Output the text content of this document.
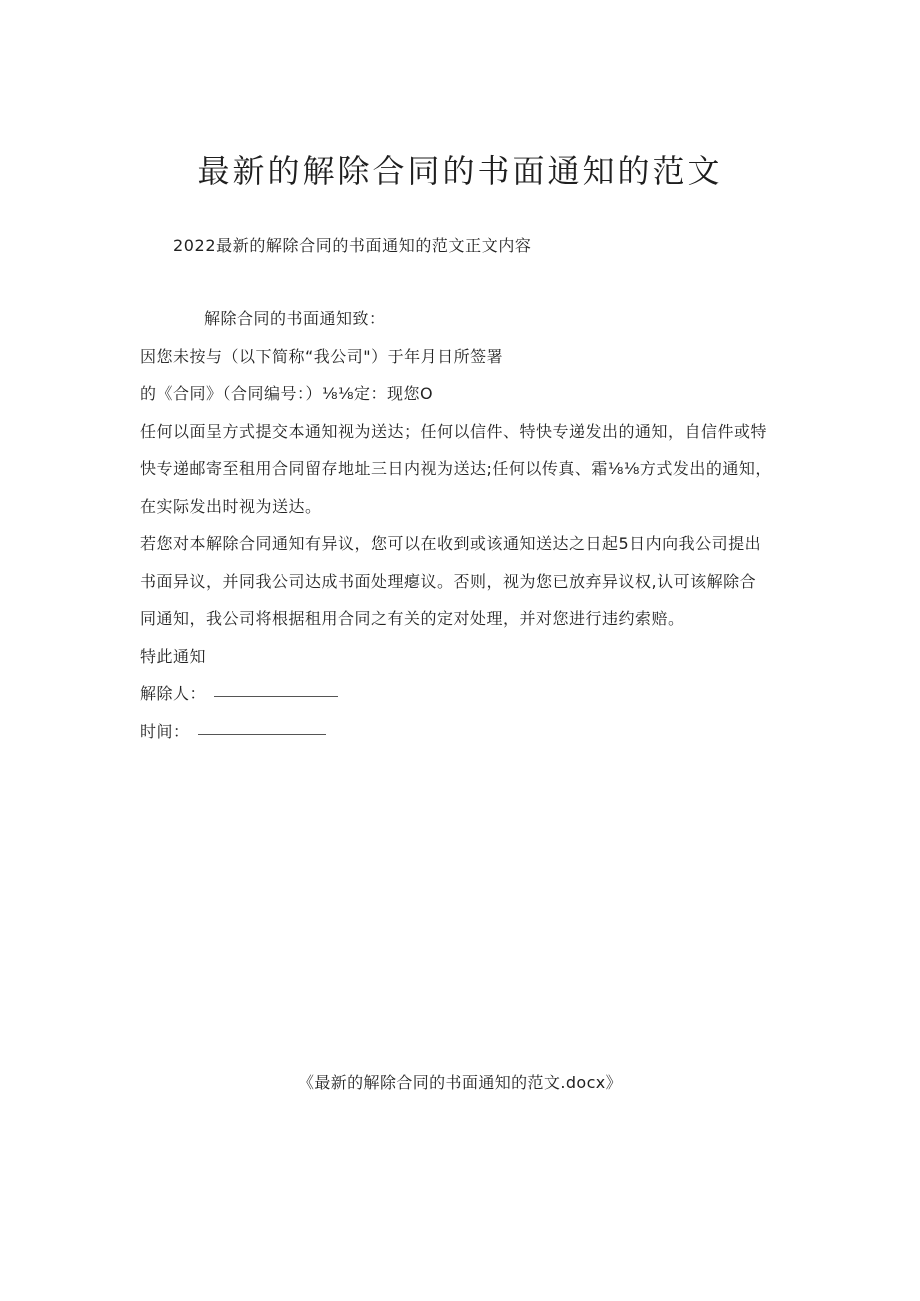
最新的解除合同的书面通知的范文
2022最新的解除合同的书面通知的范文正文内容
解除合同的书面通知致：
因您未按与（以下简称“我公司"）于年月日所签署
的《合同》（合同编号：）⅛⅛定：现您O
任何以面呈方式提交本通知视为送达；任何以信件、特快专递发出的通知，自信件或特
快专递邮寄至租用合同留存地址三日内视为送达;任何以传真、霜⅛⅛方式发出的通知，
在实际发出时视为送达。
若您对本解除合同通知有异议，您可以在收到或该通知送达之日起5日内向我公司提出
书面异议，并同我公司达成书面处理瘪议。否则，视为您已放弃异议权,认可该解除合
同通知，我公司将根据租用合同之有关的定对处理，并对您进行违约索赔。
特此通知
解除人：
时间：
《最新的解除合同的书面通知的范文.docx》
